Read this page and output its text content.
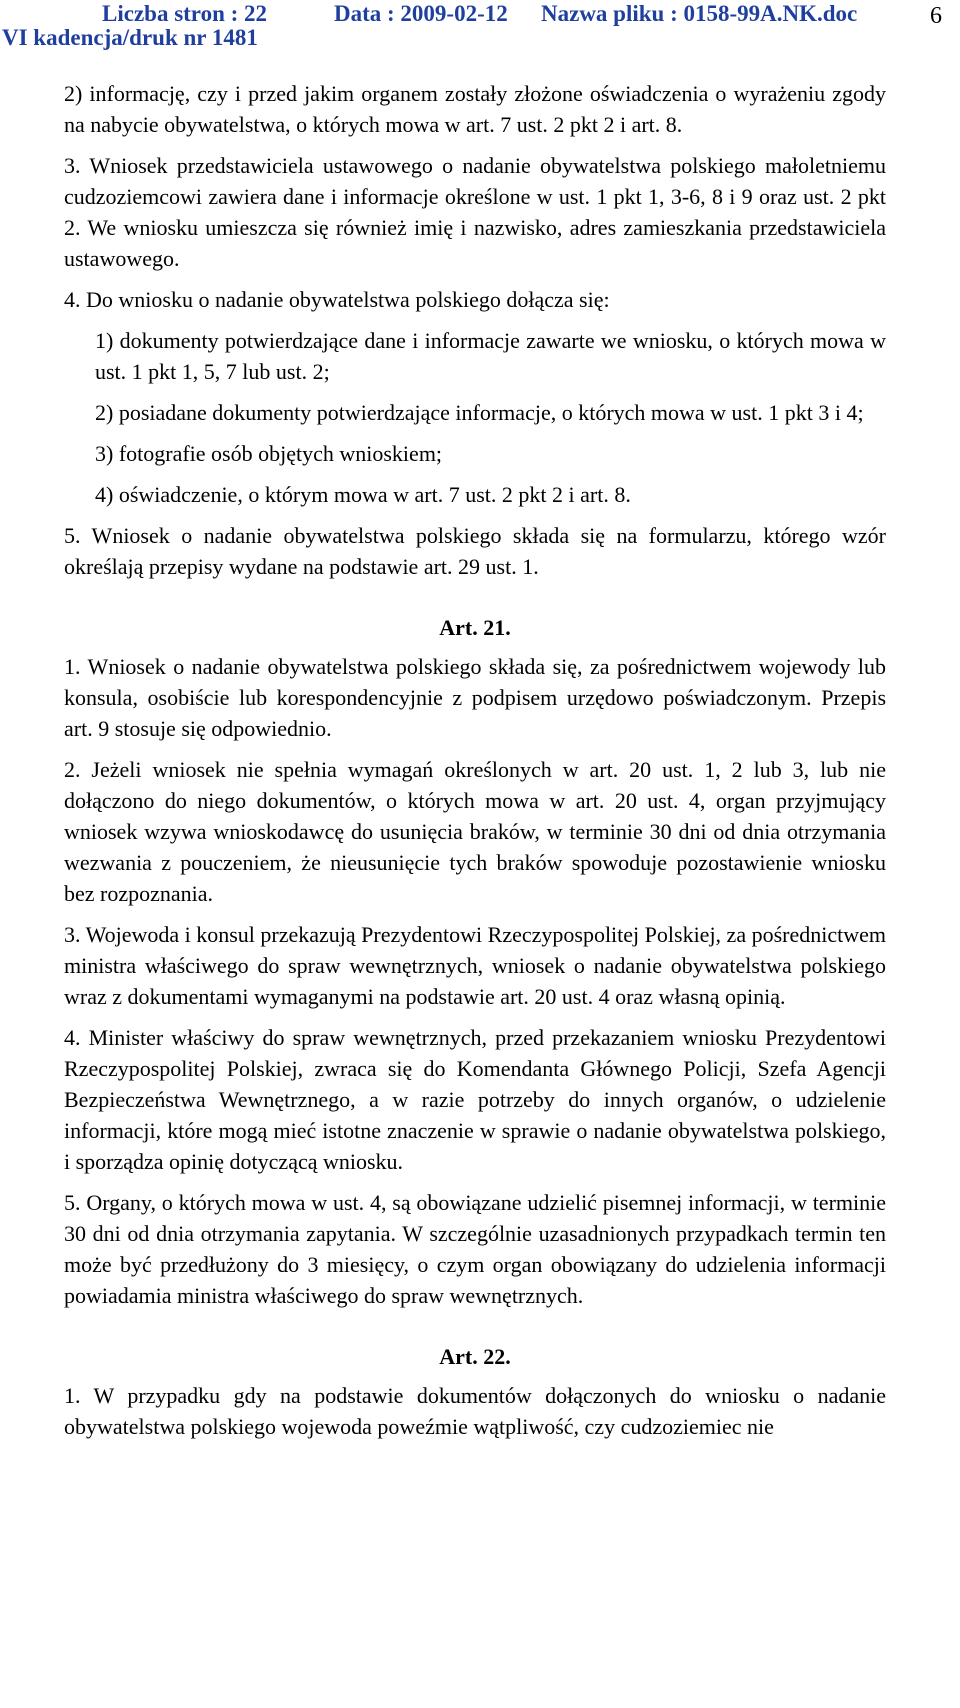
Liczba stron : 22	Data : 2009-02-12 Nazwa pliku : 0158-99A.NK.doc
VI kadencja/druk nr 1481
6

2) informację, czy i przed jakim organem zostały złożone oświadczenia o wyrażeniu zgody na nabycie obywatelstwa, o których mowa w art. 7 ust. 2 pkt 2 i art. 8.

3. Wniosek przedstawiciela ustawowego o nadanie obywatelstwa polskiego małoletniemu cudzoziemcowi zawiera dane i informacje określone w ust. 1 pkt 1, 3-6, 8 i 9 oraz ust. 2 pkt 2. We wniosku umieszcza się również imię i nazwisko, adres zamieszkania przedstawiciela ustawowego.

4. Do wniosku o nadanie obywatelstwa polskiego dołącza się:

1) dokumenty potwierdzające dane i informacje zawarte we wniosku, o których mowa w ust. 1 pkt 1, 5, 7 lub ust. 2;

2) posiadane dokumenty potwierdzające informacje, o których mowa w ust. 1 pkt 3 i 4;

3) fotografie osób objętych wnioskiem;

4) oświadczenie, o którym mowa w art. 7 ust. 2 pkt 2 i art. 8.

5. Wniosek o nadanie obywatelstwa polskiego składa się na formularzu, którego wzór określają przepisy wydane na podstawie art. 29 ust. 1.

Art. 21.

1. Wniosek o nadanie obywatelstwa polskiego składa się, za pośrednictwem wojewody lub konsula, osobiście lub korespondencyjnie z podpisem urzędowo poświadczonym. Przepis art. 9 stosuje się odpowiednio.

2. Jeżeli wniosek nie spełnia wymagań określonych w art. 20 ust. 1, 2 lub 3, lub nie dołączono do niego dokumentów, o których mowa w art. 20 ust. 4, organ przyjmujący wniosek wzywa wnioskodawcę do usunięcia braków, w terminie 30 dni od dnia otrzymania wezwania z pouczeniem, że nieusunięcie tych braków spowoduje pozostawienie wniosku bez rozpoznania.

3. Wojewoda i konsul przekazują Prezydentowi Rzeczypospolitej Polskiej, za pośrednictwem ministra właściwego do spraw wewnętrznych, wniosek o nadanie obywatelstwa polskiego wraz z dokumentami wymaganymi na podstawie art. 20 ust. 4 oraz własną opinią.

4. Minister właściwy do spraw wewnętrznych, przed przekazaniem wniosku Prezydentowi Rzeczypospolitej Polskiej, zwraca się do Komendanta Głównego Policji, Szefa Agencji Bezpieczeństwa Wewnętrznego, a w razie potrzeby do innych organów, o udzielenie informacji, które mogą mieć istotne znaczenie w sprawie o nadanie obywatelstwa polskiego, i sporządza opinię dotyczącą wniosku.

5. Organy, o których mowa w ust. 4, są obowiązane udzielić pisemnej informacji, w terminie 30 dni od dnia otrzymania zapytania. W szczególnie uzasadnionych przypadkach termin ten może być przedłużony do 3 miesięcy, o czym organ obowiązany do udzielenia informacji powiadamia ministra właściwego do spraw wewnętrznych.

Art. 22.

1. W przypadku gdy na podstawie dokumentów dołączonych do wniosku o nadanie obywatelstwa polskiego wojewoda poweźmie wątpliwość, czy cudzoziemiec nie
